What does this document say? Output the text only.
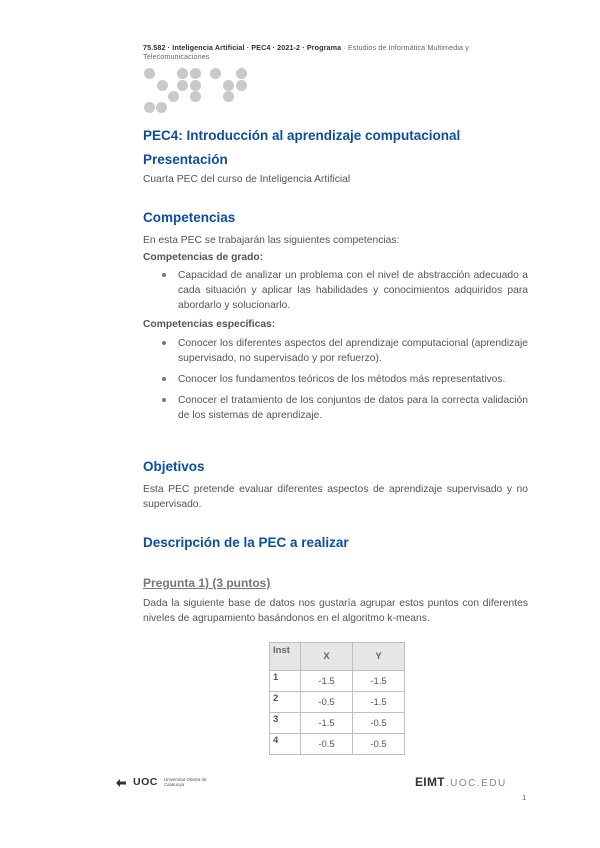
75.582 · Inteligencia Artificial · PEC4 · 2021-2 · Programa · Estudios de Informática Multimedia y
Telecomunicaciones
PEC4: Introducción al aprendizaje computacional
Presentación
Cuarta PEC del curso de Inteligencia Artificial
Competencias
En esta PEC se trabajarán las siguientes competencias:
Competencias de grado:
Capacidad de analizar un problema con el nivel de abstracción adecuado a cada situación y aplicar las habilidades y conocimientos adquiridos para abordarlo y solucionarlo.
Competencias específicas:
Conocer los diferentes aspectos del aprendizaje computacional (aprendizaje supervisado, no supervisado y por refuerzo).
Conocer los fundamentos teóricos de los métodos más representativos.
Conocer el tratamiento de los conjuntos de datos para la correcta validación de los sistemas de aprendizaje.
Objetivos
Esta PEC pretende evaluar diferentes aspectos de aprendizaje supervisado y no supervisado.
Descripción de la PEC a realizar
Pregunta 1) (3 puntos)
Dada la siguiente base de datos nos gustaría agrupar estos puntos con diferentes niveles de agrupamiento basándonos en el algoritmo k-means.
Inst	X	Y
1	-1.5	-1.5
2	-0.5	-1.5
3	-1.5	-0.5
4	-0.5	-0.5
UOC Universitat Oberta de Catalunya	EIMT .UOC.EDU
1
